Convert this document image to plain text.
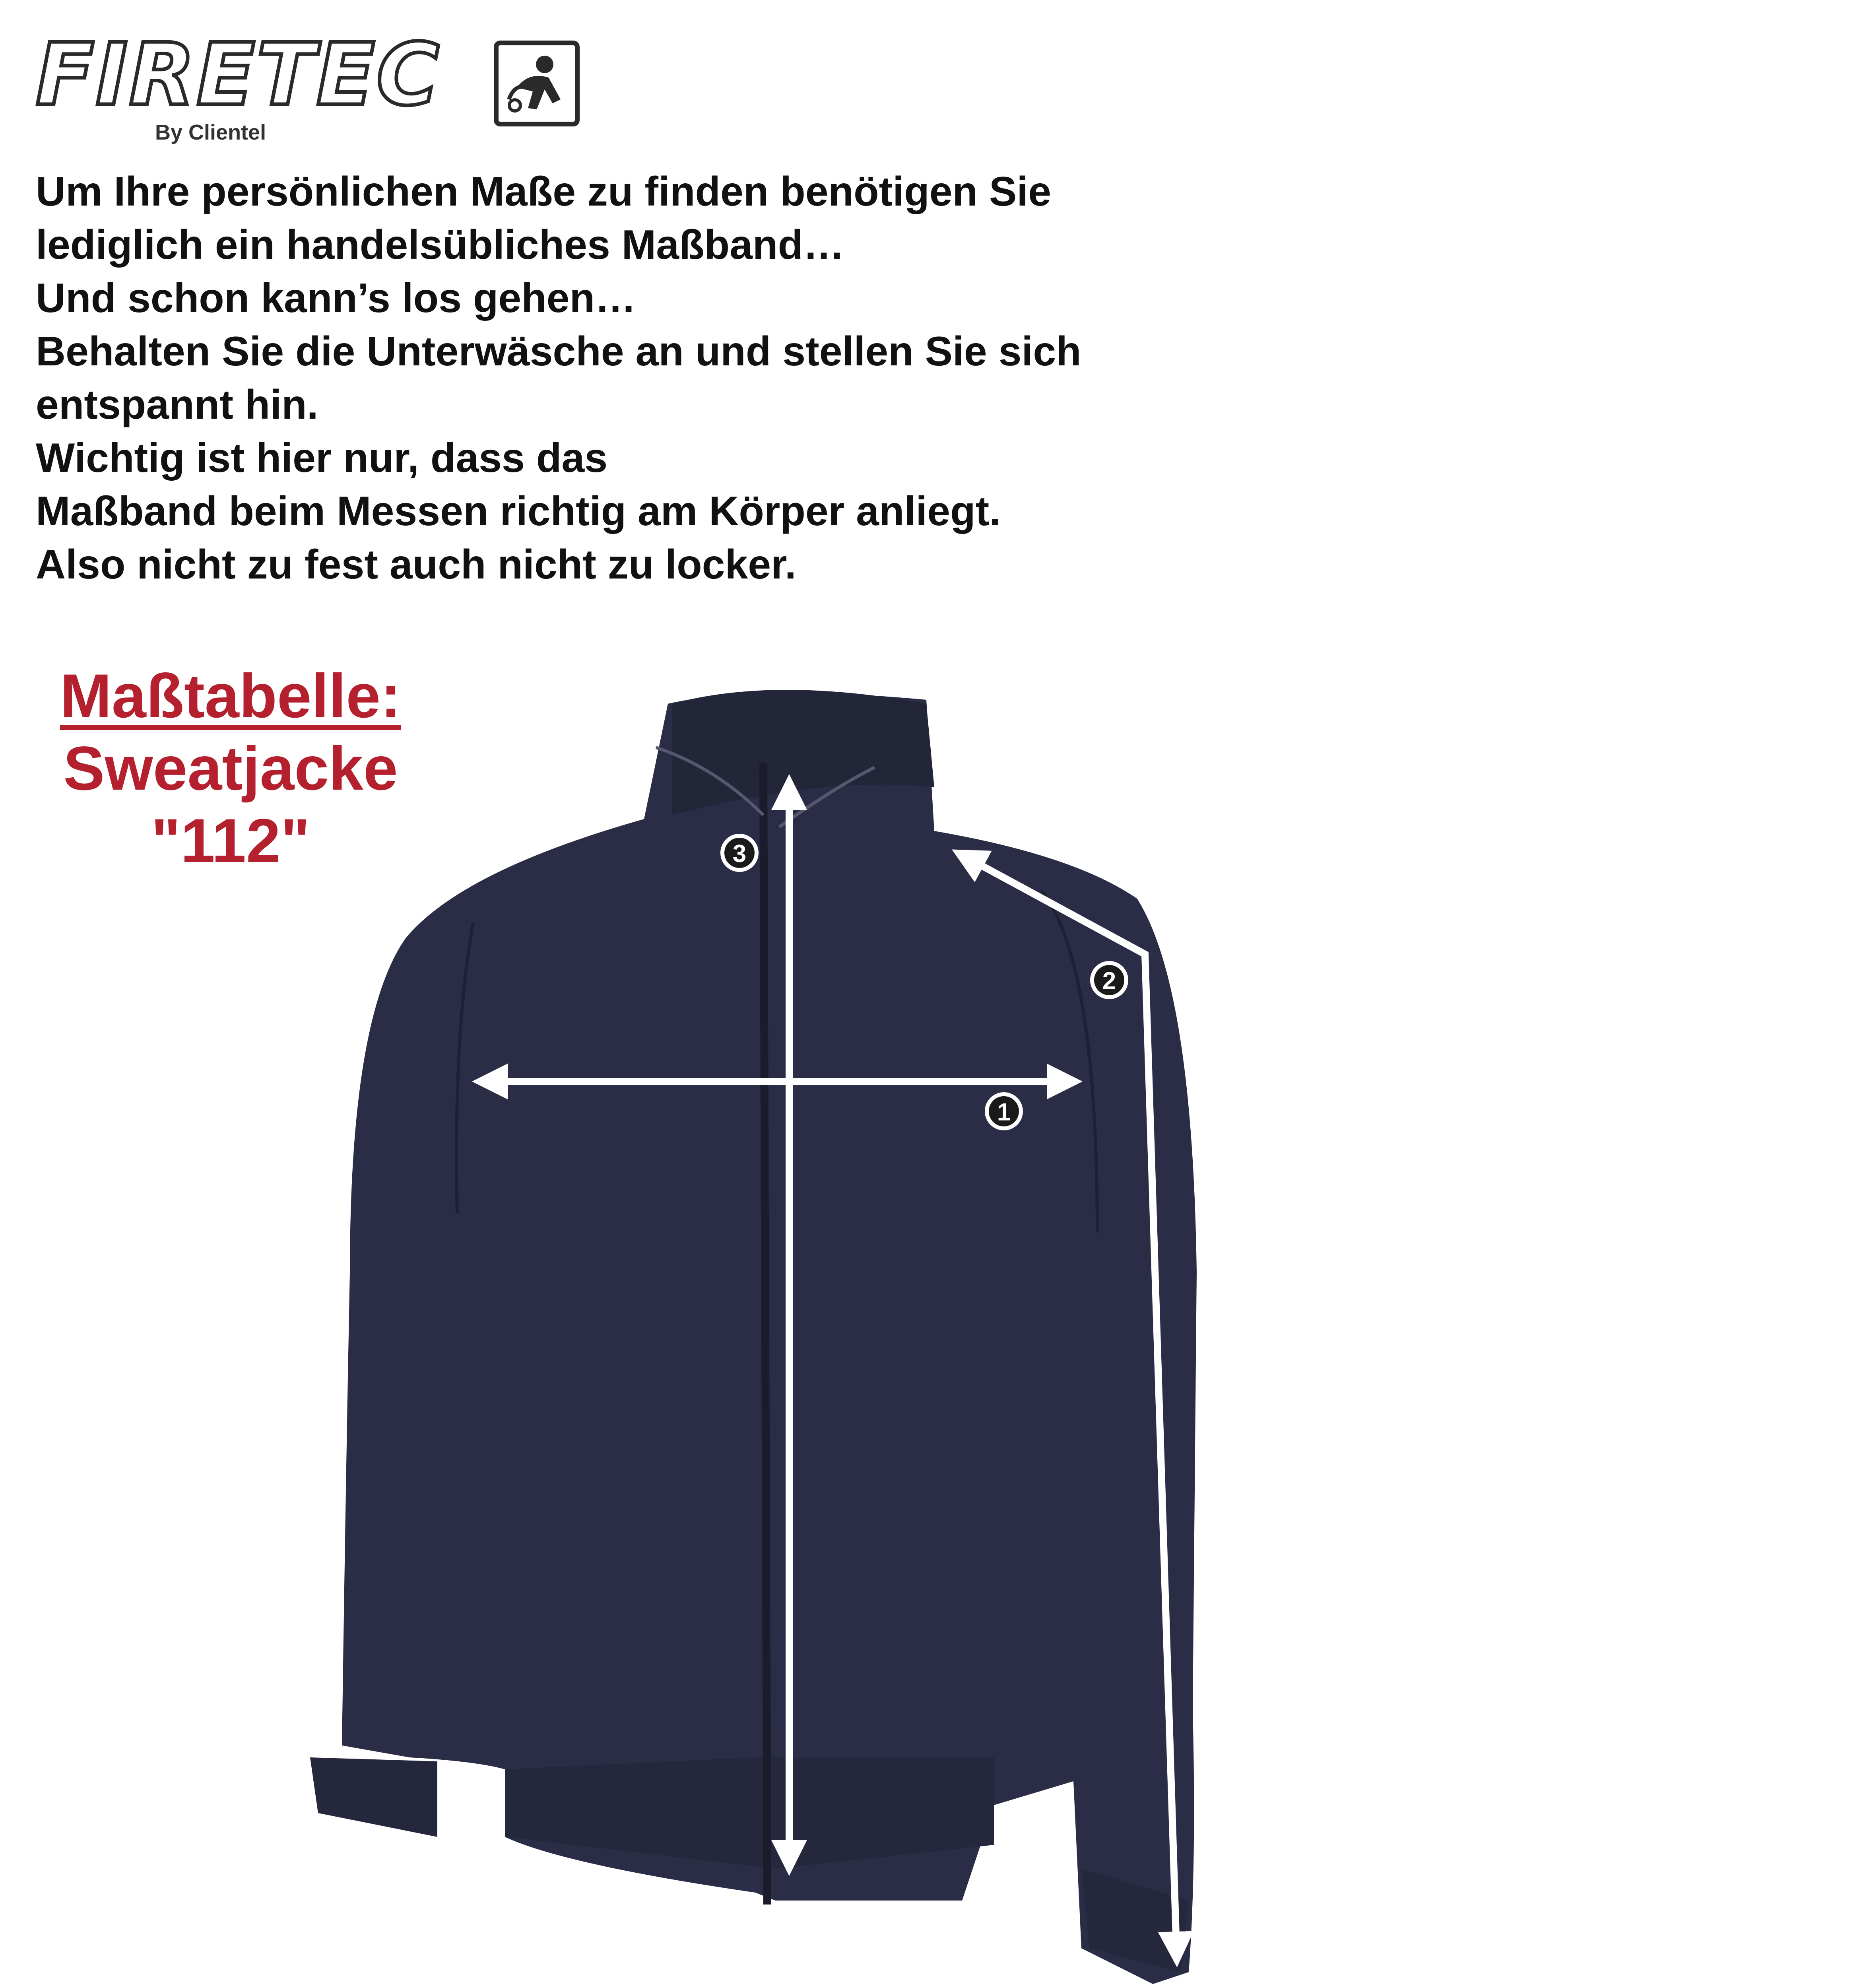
FIRETEC
By Clientel
Um Ihre persönlichen Maße zu finden benötigen Sie
lediglich ein handelsübliches Maßband…
Und schon kann’s los gehen…
Behalten Sie die Unterwäsche an und stellen Sie sich
entspannt hin.
Wichtig ist hier nur, dass das
Maßband beim Messen richtig am Körper anliegt.
Also nicht zu fest auch nicht zu locker.
Maßtabelle:
Sweatjacke
"112"
1
2
3
